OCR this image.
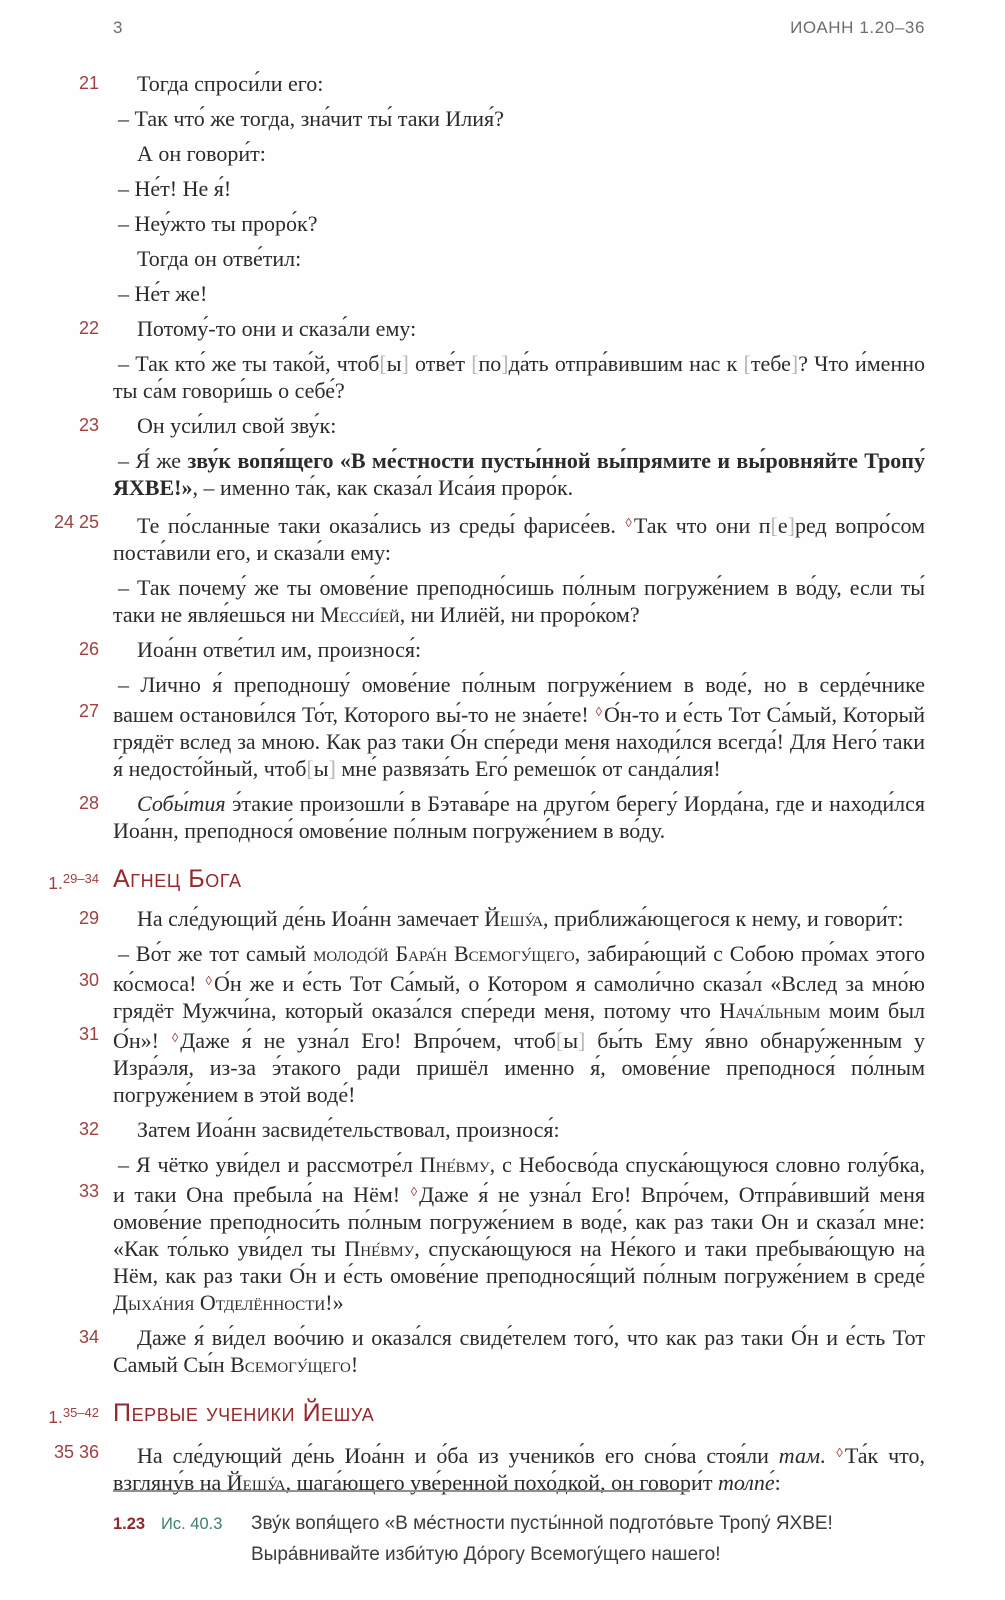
3	ИОАНН 1.20–36

21 Тогда спроси́ли его:

– Так что́ же тогда, зна́чит ты́ таки Илия́?

А он говори́т:

– Не́т! Не я́!

– Неу́жто ты проро́к?

Тогда он отве́тил:

– Не́т же!

22 Потому́-то они и сказа́ли ему:

– Так кто́ же ты тако́й, чтоб[ы] отве́т [по]да́ть отпра́вившим нас к [тебе]? Что и́менно ты са́м говори́шь о себе́?

23 Он уси́лил свой зву́к:

– Я́ же зву́к вопя́щего «В ме́стности пусты́нной вы́прямите и вы́ровняйте Тропу́ ЯХВЕ!», – именно та́к, как сказа́л Иса́ия проро́к.

24 25 Те по́сланные таки оказа́лись из среды́ фарисе́ев. ◊Так что они п[е]ред вопро́сом поста́вили его, и сказа́ли ему:

– Так почему́ же ты омове́ние преподно́сишь по́лным погруже́нием в во́ду, если ты́ таки не явля́ешься ни Месси́ей, ни Илиёй, ни проро́ком?

26 Иоа́нн отве́тил им, произнося́:

27
– Лично я́ преподношу́ омове́ние по́лным погруже́нием в воде́, но в серде́чнике вашем останови́лся То́т, Которого вы́-то не зна́ете! ◊О́н-то и е́сть Тот Са́мый, Который грядёт вслед за мною. Как раз таки О́н спе́реди меня находи́лся всегда́! Для Него́ таки я́ недосто́йный, чтоб[ы] мне́ развяза́ть Его́ ремешо́к от санда́лия!

28 Собы́тия э́такие произошли́ в Бэтава́ре на друго́м берегу́ Иорда́на, где и находи́лся Иоа́нн, преподнося́ омове́ние по́лным погруже́нием в во́ду.

1.$^{29-34}$ Агнец Бога

29 На сле́дующий де́нь Иоа́нн замечает Йешу́а, приближа́ющегося к нему, и говори́т:

30
31
– Во́т же тот самый молодо́й Бара́н Всемогу́щего, забира́ющий с Собою про́мах этого ко́смоса! ◊О́н же и е́сть Тот Са́мый, о Котором я самоли́чно сказа́л «Вслед за мно́ю грядёт Мужчи́на, который оказа́лся спе́реди меня, потому что Нача́льным моим был О́н»! ◊Даже я́ не узна́л Его! Впро́чем, чтоб[ы] бы́ть Ему я́вно обнару́женным у Изра́эля, из-за э́такого ради пришёл именно я́, омове́ние преподнося́ по́лным погруже́нием в этой воде́!

32 Затем Иоа́нн засвиде́тельствовал, произнося́:

33
– Я чётко уви́дел и рассмотре́л Пне́вму, с Небосво́да спуска́ющуюся словно голу́бка, и таки Она пребыла́ на Нём! ◊Даже я́ не узна́л Его! Впро́чем, Отпра́вивший меня омове́ние преподноси́ть по́лным погруже́нием в воде́, как раз таки Он и сказа́л мне: «Как то́лько уви́дел ты Пне́вму, спуска́ющуюся на Не́кого и таки пребыва́ющую на Нём, как раз таки О́н и е́сть омове́ние преподнося́щий по́лным погруже́нием в среде́ Дыха́ния Отделённости!»

34 Даже я́ ви́дел воо́чию и оказа́лся свиде́телем того́, что как раз таки О́н и е́сть Тот Самый Сы́н Всемогу́щего!

1.$^{35-42}$ Первые ученики Йешуа

35 36 На сле́дующий де́нь Иоа́нн и о́ба из ученико́в его сно́ва стоя́ли там. ◊Та́к что, взгляну́в на Йешу́а, шага́ющего уве́ренной похо́дкой, он говори́т толпе́:

1.23 Ис. 40.3	Зву́к вопя́щего «В ме́стности пусты́нной подгото́вьте Тропу́ ЯХВЕ! Выра́внивайте изби́тую До́рогу Всемогу́щего нашего!
